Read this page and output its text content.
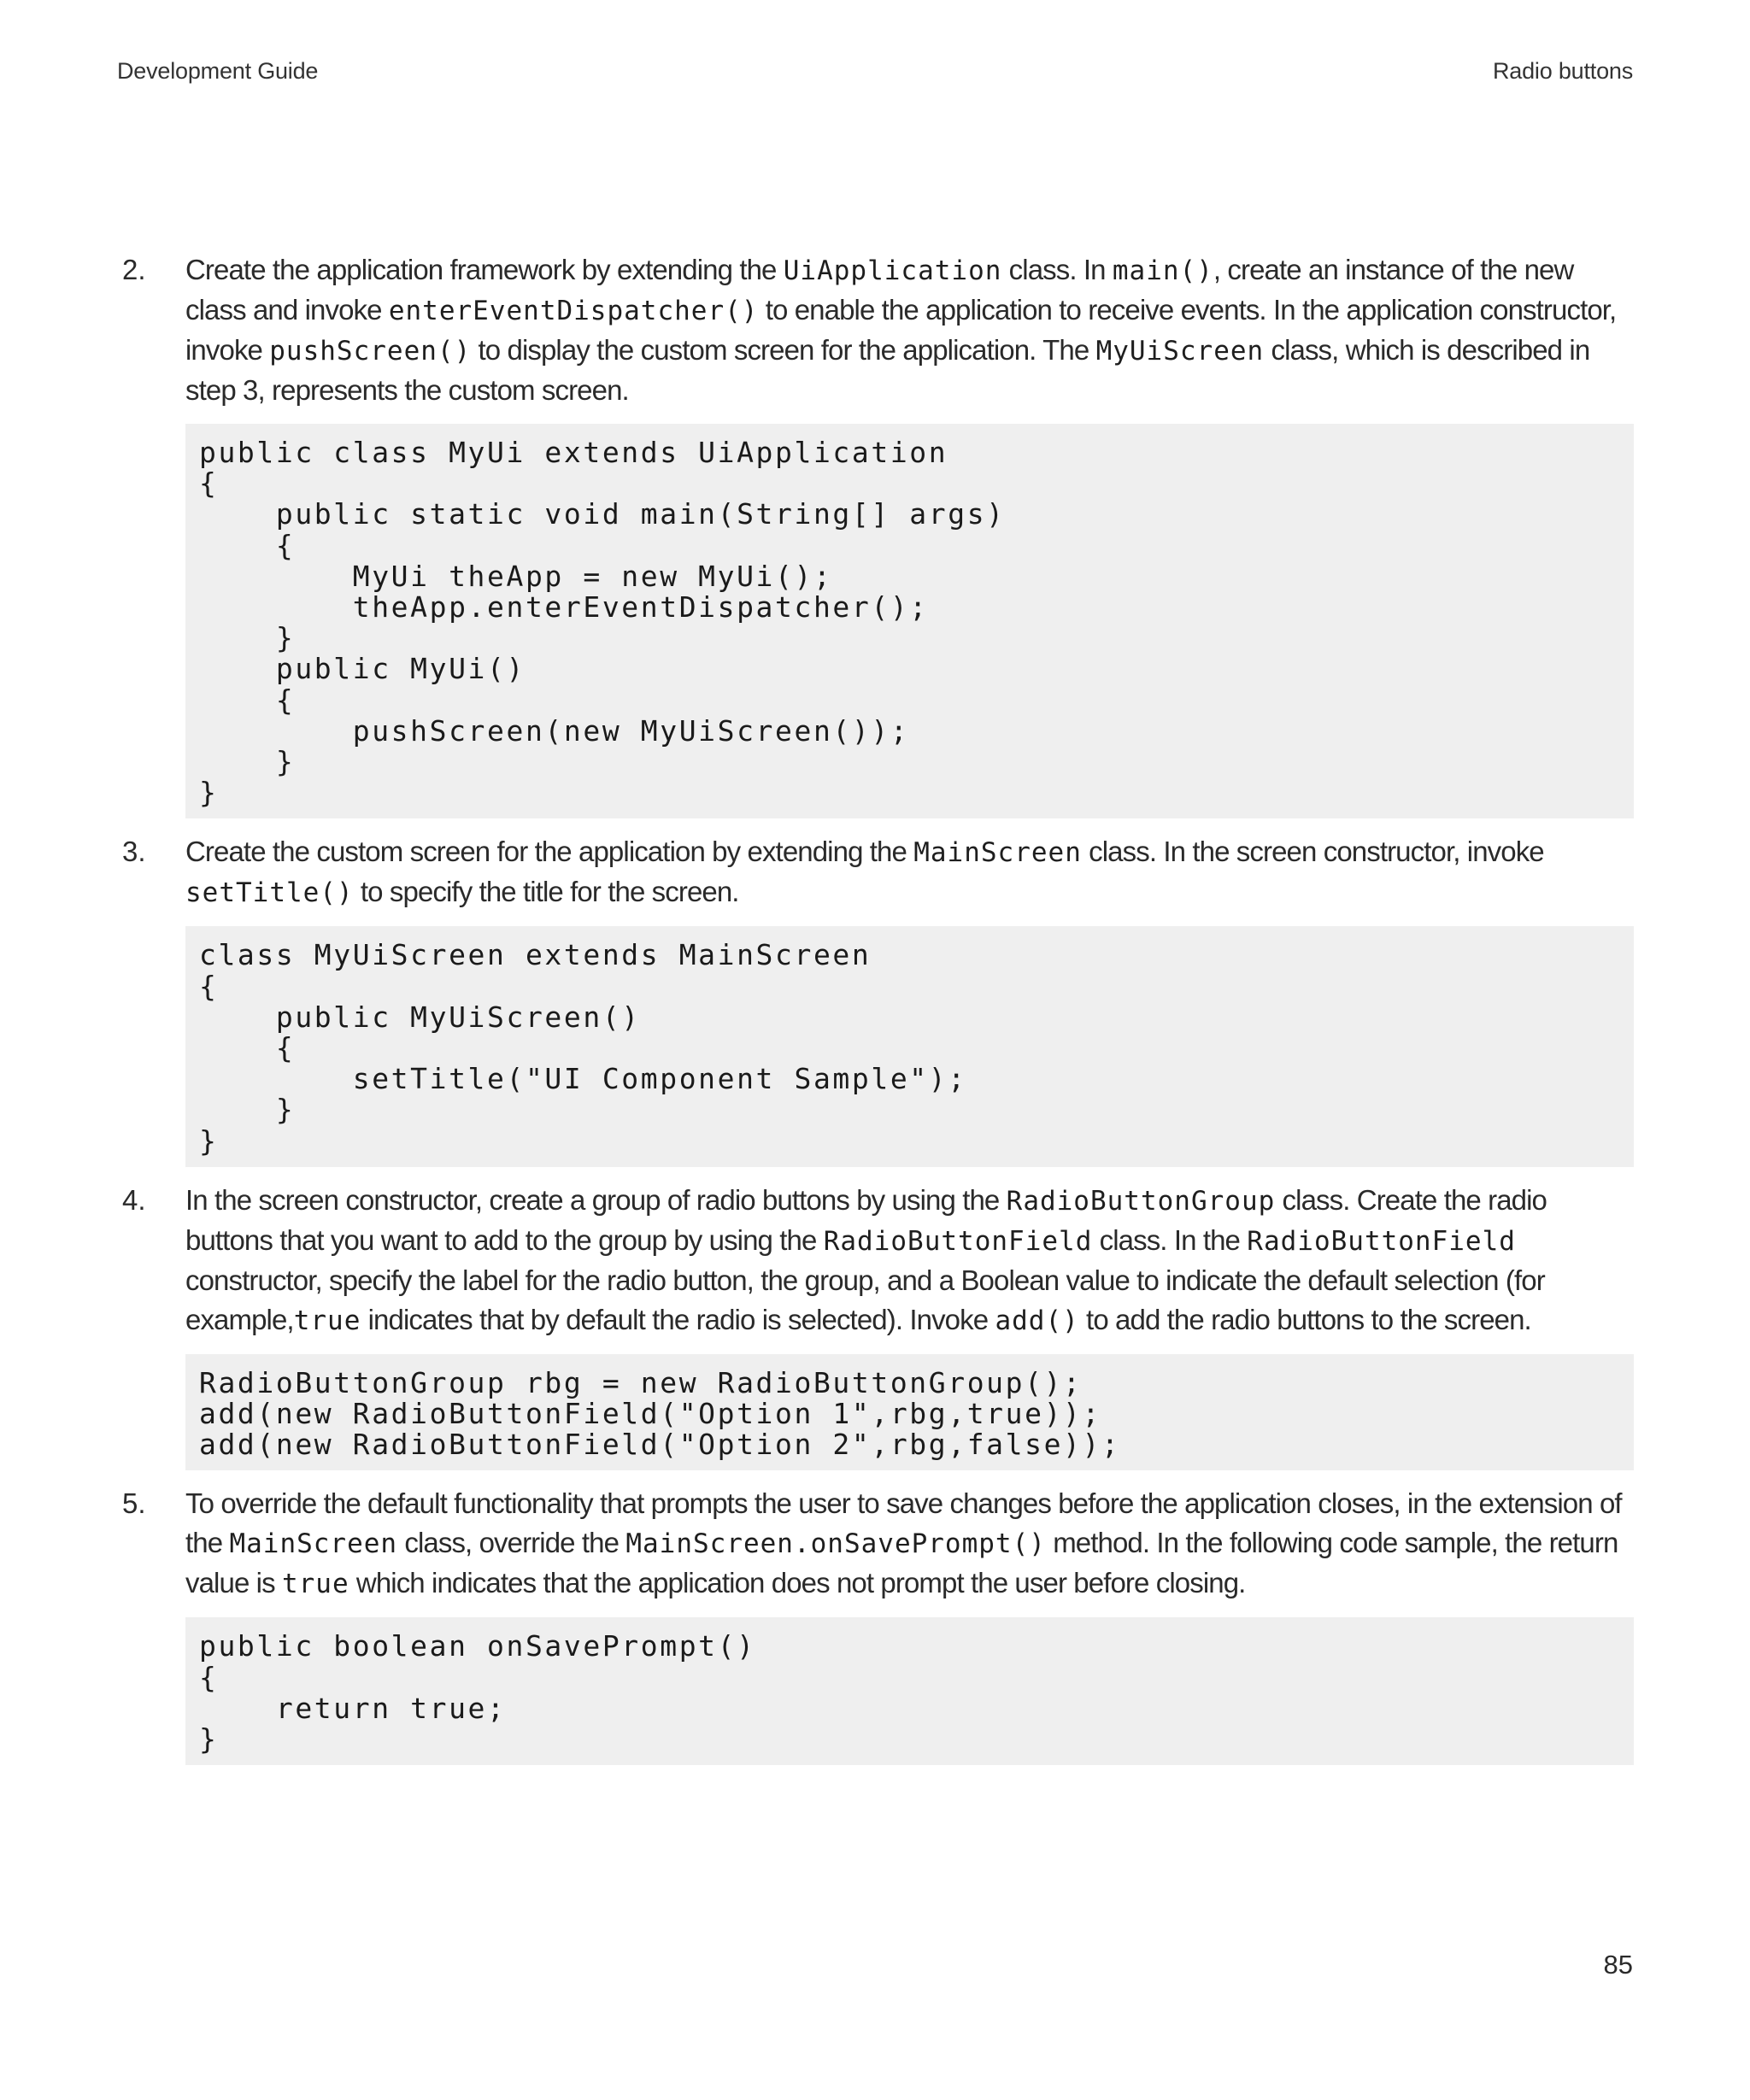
Development Guide	Radio buttons
2. Create the application framework by extending the UiApplication class. In main(), create an instance of the new class and invoke enterEventDispatcher() to enable the application to receive events. In the application constructor, invoke pushScreen() to display the custom screen for the application. The MyUiScreen class, which is described in step 3, represents the custom screen.

public class MyUi extends UiApplication
{
public static void main(String[] args)
{
MyUi theApp = new MyUi();
theApp.enterEventDispatcher();
}
public MyUi()
{
pushScreen(new MyUiScreen());
}
}
3. Create the custom screen for the application by extending the MainScreen class. In the screen constructor, invoke setTitle() to specify the title for the screen.

class MyUiScreen extends MainScreen
{
public MyUiScreen()
{
setTitle("UI Component Sample");
}
}
4. In the screen constructor, create a group of radio buttons by using the RadioButtonGroup class. Create the radio buttons that you want to add to the group by using the RadioButtonField class. In the RadioButtonField constructor, specify the label for the radio button, the group, and a Boolean value to indicate the default selection (for example,true indicates that by default the radio is selected). Invoke add() to add the radio buttons to the screen.

RadioButtonGroup rbg = new RadioButtonGroup();
add(new RadioButtonField("Option 1",rbg,true));
add(new RadioButtonField("Option 2",rbg,false));
5. To override the default functionality that prompts the user to save changes before the application closes, in the extension of the MainScreen class, override the MainScreen.onSavePrompt() method. In the following code sample, the return value is true which indicates that the application does not prompt the user before closing.

public boolean onSavePrompt()
{
return true;
}
85
